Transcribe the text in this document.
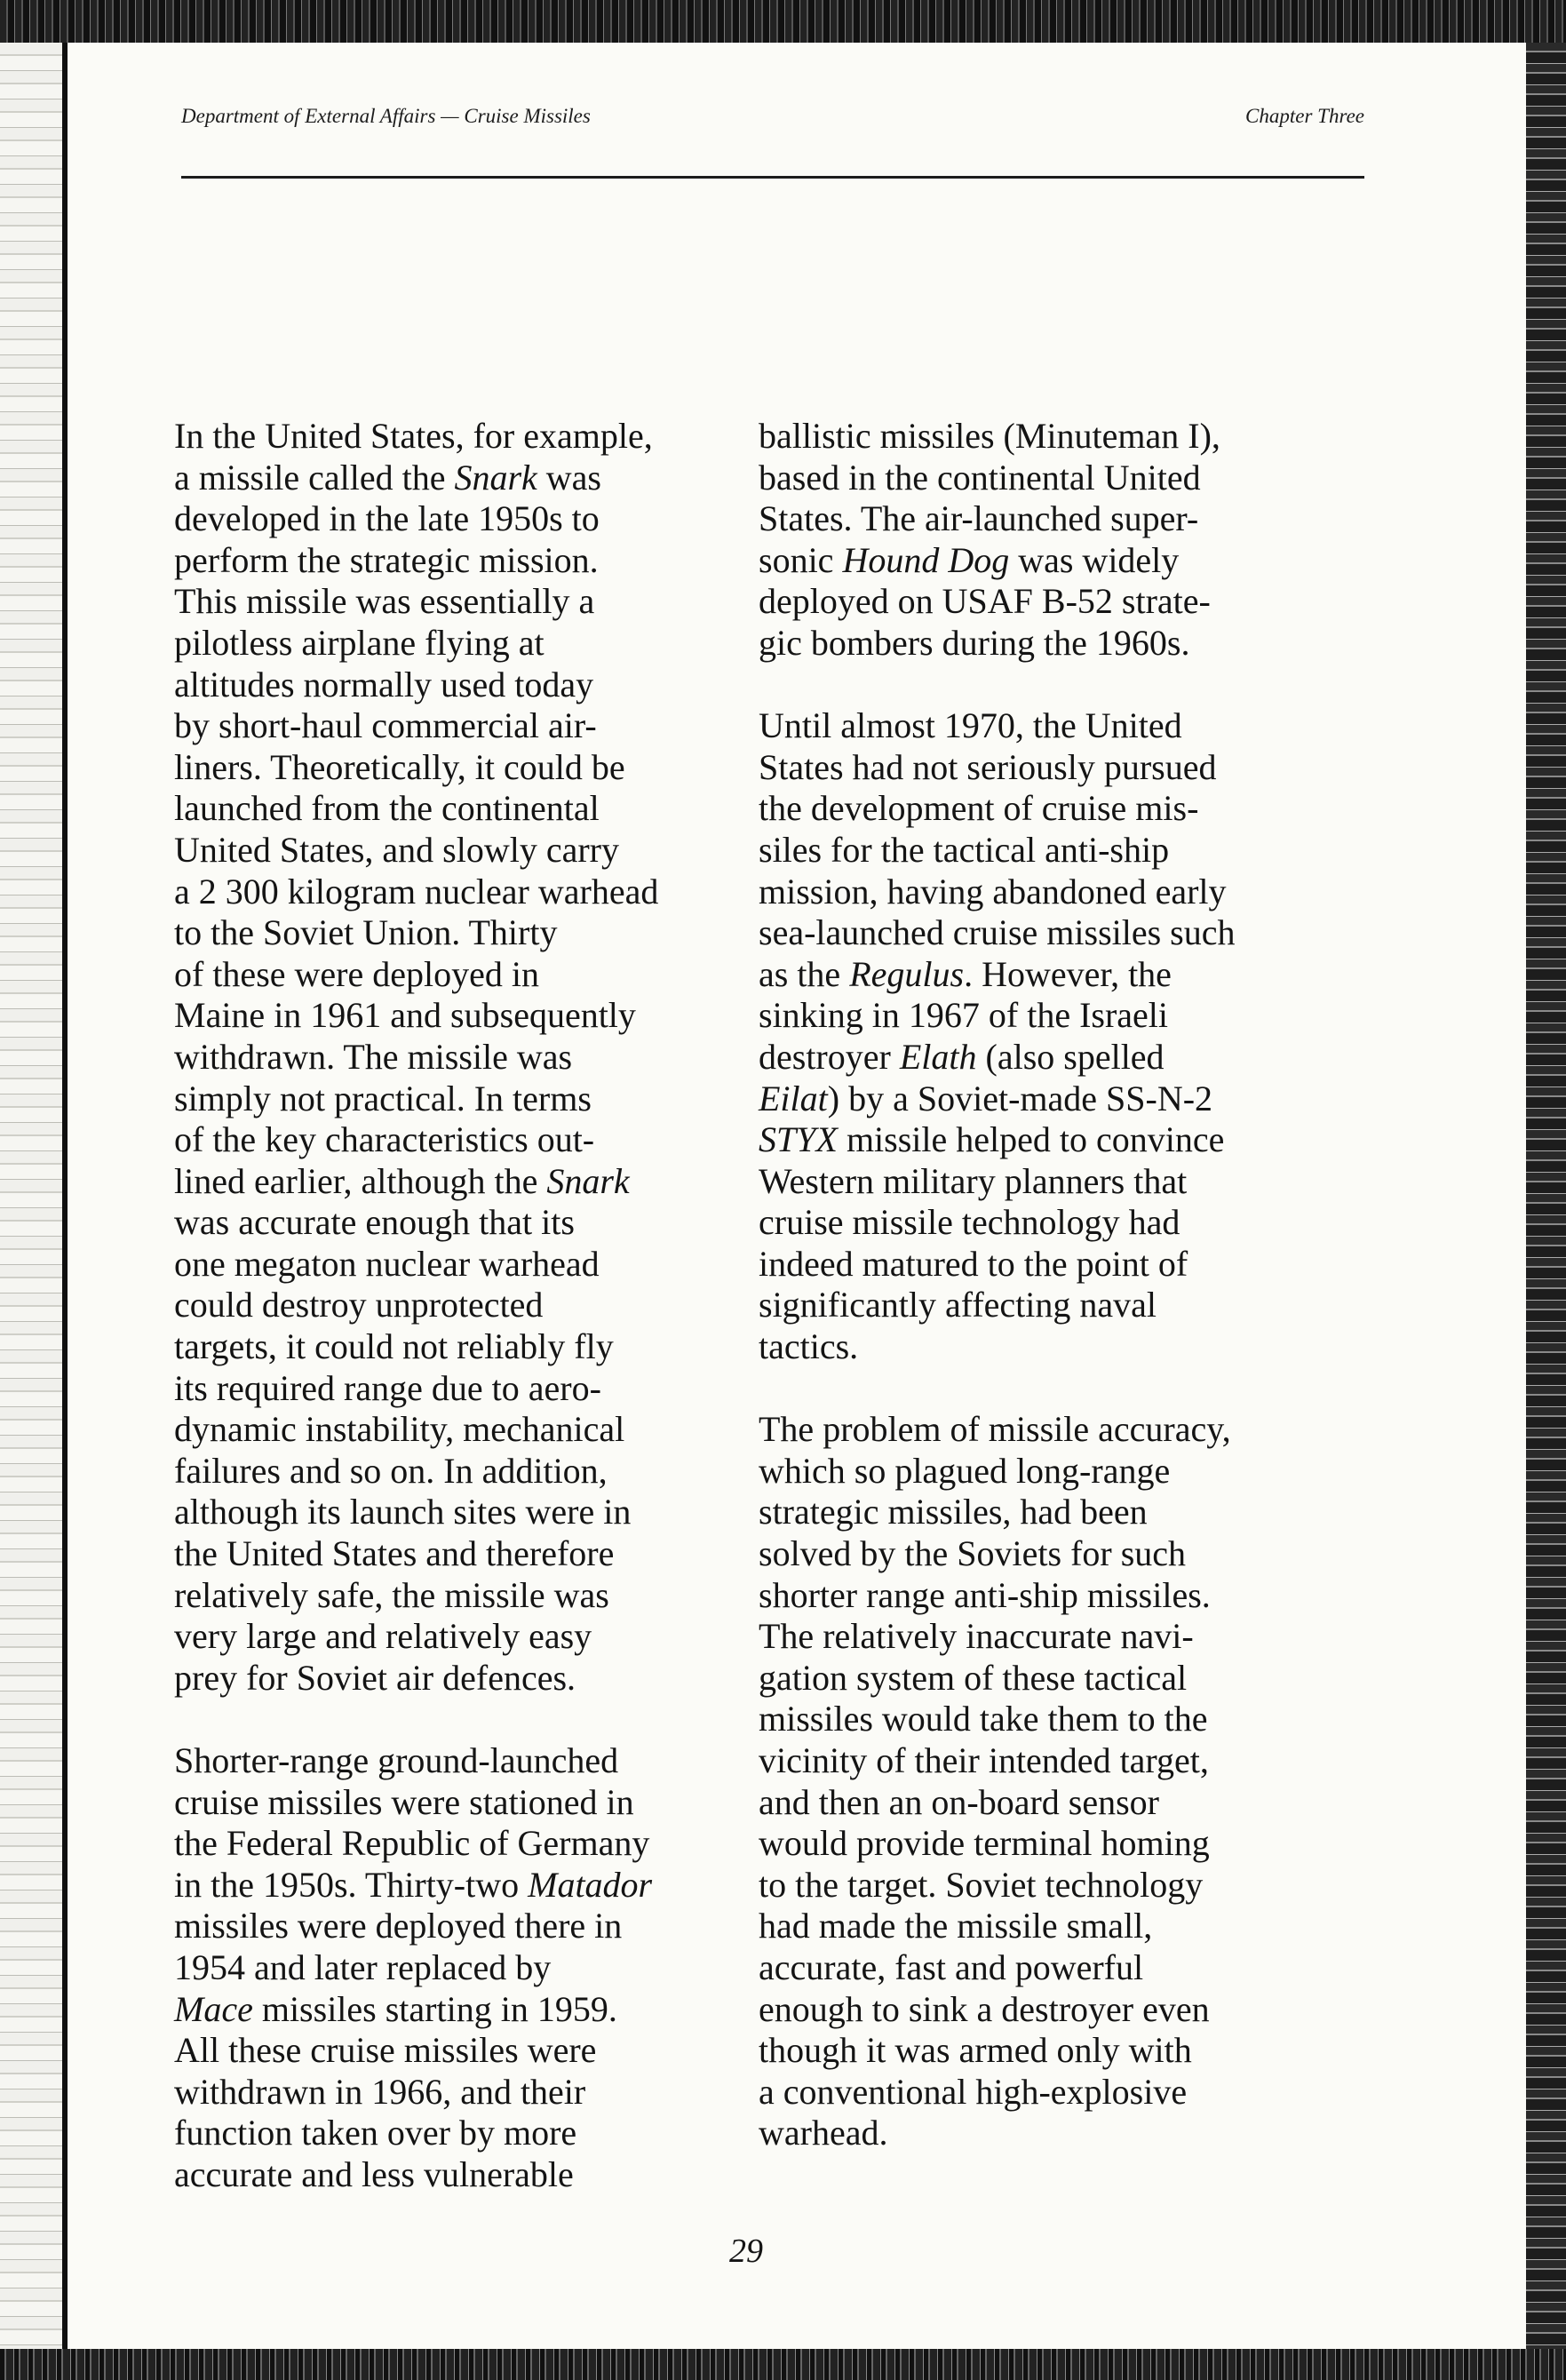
Department of External Affairs — Cruise Missiles	Chapter Three
In the United States, for example,
a missile called the Snark was
developed in the late 1950s to
perform the strategic mission.
This missile was essentially a
pilotless airplane flying at
altitudes normally used today
by short-haul commercial air-
liners. Theoretically, it could be
launched from the continental
United States, and slowly carry
a 2 300 kilogram nuclear warhead
to the Soviet Union. Thirty
of these were deployed in
Maine in 1961 and subsequently
withdrawn. The missile was
simply not practical. In terms
of the key characteristics out-
lined earlier, although the Snark
was accurate enough that its
one megaton nuclear warhead
could destroy unprotected
targets, it could not reliably fly
its required range due to aero-
dynamic instability, mechanical
failures and so on. In addition,
although its launch sites were in
the United States and therefore
relatively safe, the missile was
very large and relatively easy
prey for Soviet air defences.
Shorter-range ground-launched
cruise missiles were stationed in
the Federal Republic of Germany
in the 1950s. Thirty-two Matador
missiles were deployed there in
1954 and later replaced by
Mace missiles starting in 1959.
All these cruise missiles were
withdrawn in 1966, and their
function taken over by more
accurate and less vulnerable
ballistic missiles (Minuteman I),
based in the continental United
States. The air-launched super-
sonic Hound Dog was widely
deployed on USAF B-52 strate-
gic bombers during the 1960s.
Until almost 1970, the United
States had not seriously pursued
the development of cruise mis-
siles for the tactical anti-ship
mission, having abandoned early
sea-launched cruise missiles such
as the Regulus. However, the
sinking in 1967 of the Israeli
destroyer Elath (also spelled
Eilat) by a Soviet-made SS-N-2
STYX missile helped to convince
Western military planners that
cruise missile technology had
indeed matured to the point of
significantly affecting naval
tactics.
The problem of missile accuracy,
which so plagued long-range
strategic missiles, had been
solved by the Soviets for such
shorter range anti-ship missiles.
The relatively inaccurate navi-
gation system of these tactical
missiles would take them to the
vicinity of their intended target,
and then an on-board sensor
would provide terminal homing
to the target. Soviet technology
had made the missile small,
accurate, fast and powerful
enough to sink a destroyer even
though it was armed only with
a conventional high-explosive
warhead.
29
